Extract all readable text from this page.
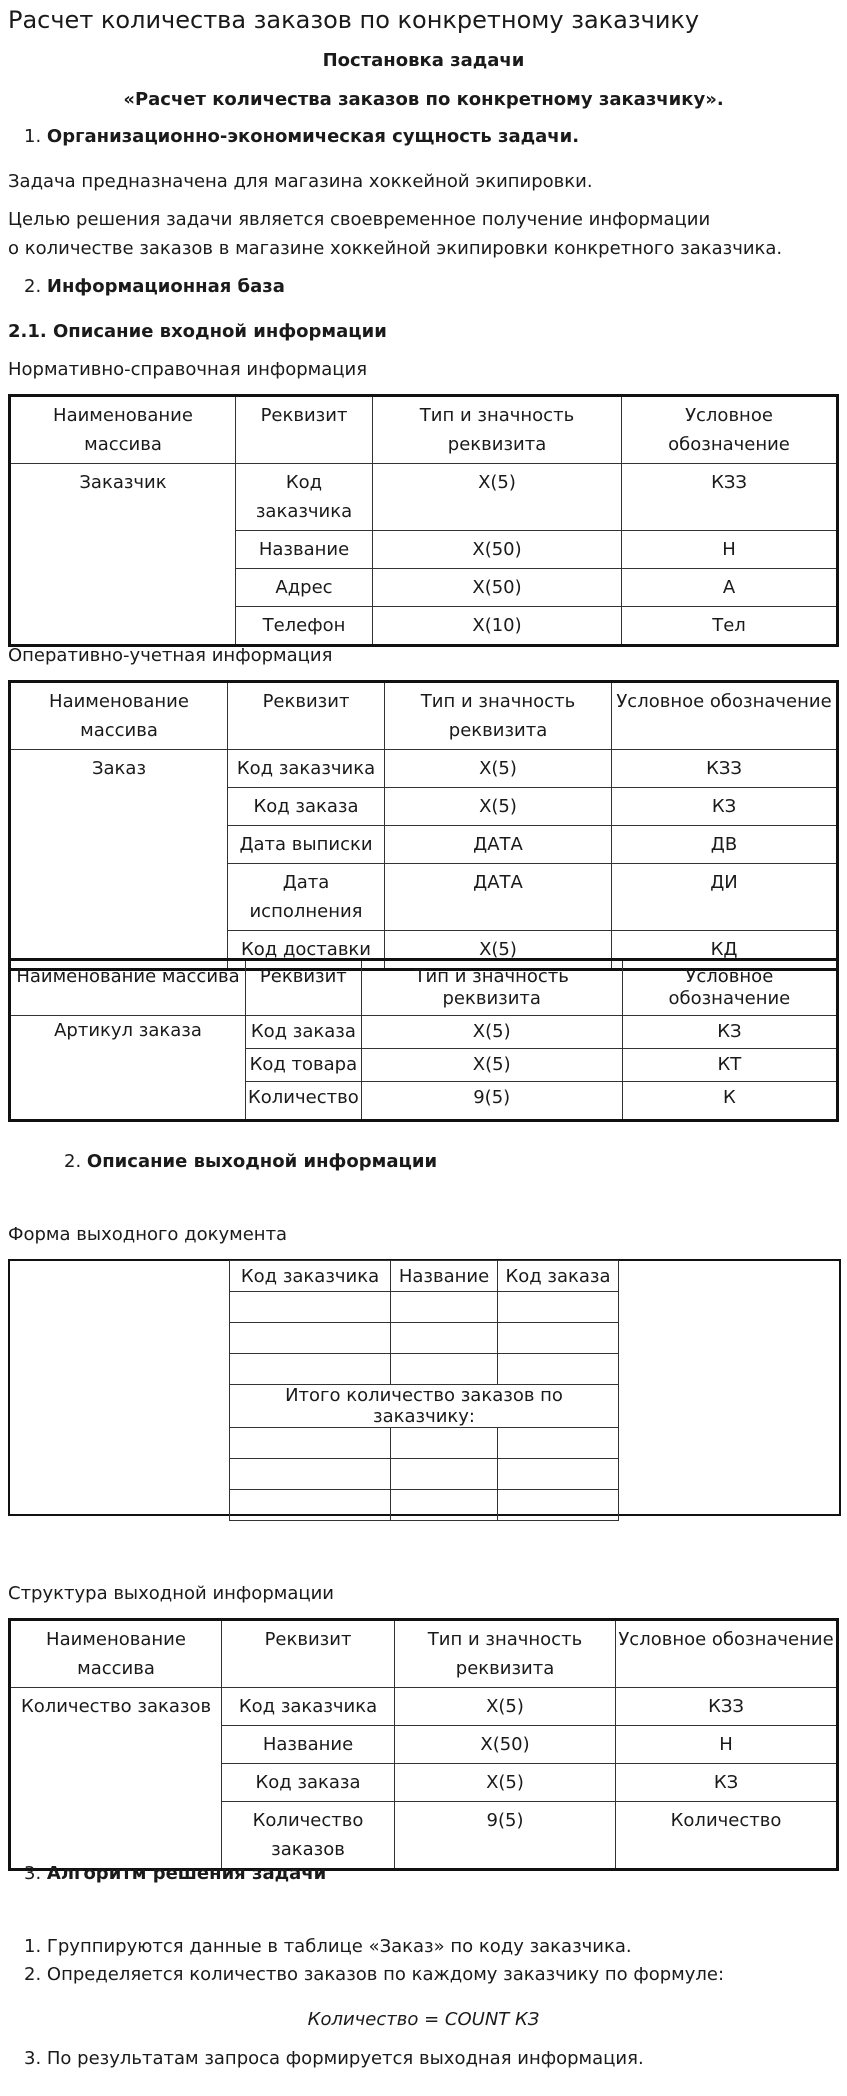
Расчет количества заказов по конкретному заказчику
Постановка задачи
«Расчет количества заказов по конкретному заказчику».
1. Организационно-экономическая сущность задачи.

Задача предназначена для магазина хоккейной экипировки.

Целью решения задачи является своевременное получение информации

о количестве заказов в магазине хоккейной экипировки конкретного заказчика.

2. Информационная база

2.1. Описание входной информации

Нормативно-справочная информация

Наименование массива	Реквизит	Тип и значность реквизита	Условное обозначение
Заказчик	Код заказчика	X(5)	КЗЗ
	Название	X(50)	Н
	Адрес	X(50)	А
	Телефон	X(10)	Тел

Оперативно-учетная информация

Наименование массива	Реквизит	Тип и значность реквизита	Условное обозначение
Заказ	Код заказчика	X(5)	КЗЗ
	Код заказа	X(5)	КЗ
	Дата выписки	ДАТА	ДВ
	Дата исполнения	ДАТА	ДИ
	Код доставки	X(5)	КД
Наименование массива	Реквизит	Тип и значность реквизита	Условное обозначение
Артикул заказа	Код заказа	X(5)	КЗ
	Код товара	X(5)	КТ
	Количество	9(5)	К
2. Описание выходной информации

Форма выходного документа

Код заказчика	Название	Код заказа

Итого количество заказов по заказчику:		

Структура выходной информации

Наименование массива	Реквизит	Тип и значность реквизита	Условное обозначение
Количество заказов	Код заказчика	X(5)	КЗЗ
	Название	X(50)	Н
	Код заказа	X(5)	КЗ
	Количество заказов	9(5)	Количество
3. Алгоритм решения задачи

1. Группируются данные в таблице «Заказ» по коду заказчика.

2. Определяется количество заказов по каждому заказчику по формуле:

Количество = COUNT КЗ

3. По результатам запроса формируется выходная информация.
